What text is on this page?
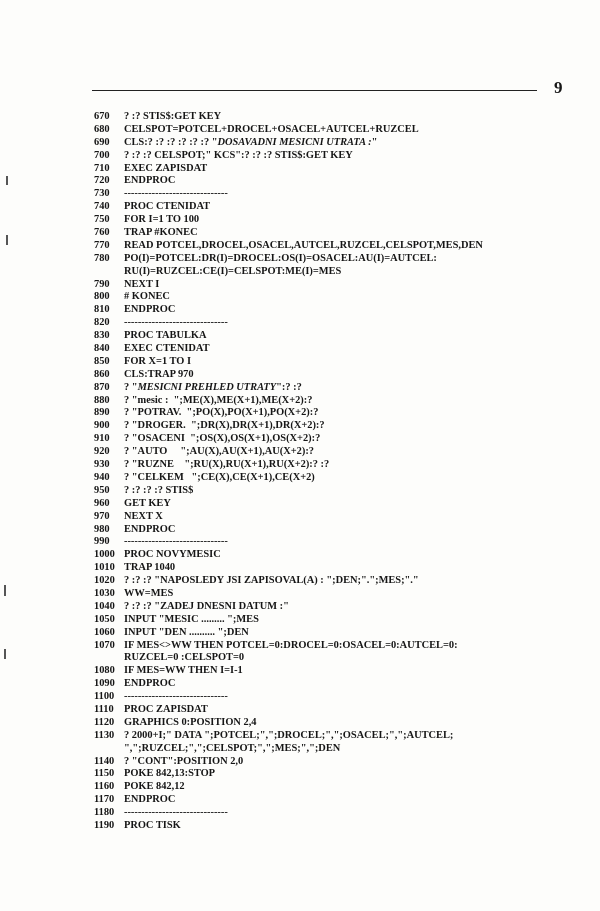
9
670 ? :? STIS$:GET KEY
680 CELSPOT=POTCEL+DROCEL+OSACEL+AUTCEL+RUZCEL
690 CLS:? :? :? :? :? :? "DOSAVADNI MESICNI UTRATA :"
700 ? :? :? CELSPOT;" KCS":? :? :? STIS$:GET KEY
710 EXEC ZAPISDAT
720 ENDPROC
730 ------------------------------
740 PROC CTENIDAT
750 FOR I=1 TO 100
760 TRAP #KONEC
770 READ POTCEL,DROCEL,OSACEL,AUTCEL,RUZCEL,CELSPOT,MES,DEN
780 PO(I)=POTCEL:DR(I)=DROCEL:OS(I)=OSACEL:AU(I)=AUTCEL:
RU(I)=RUZCEL:CE(I)=CELSPOT:ME(I)=MES
790 NEXT I
800 # KONEC
810 ENDPROC
820 ------------------------------
830 PROC TABULKA
840 EXEC CTENIDAT
850 FOR X=1 TO I
860 CLS:TRAP 970
870 ? "MESICNI PREHLED UTRATY":? :?
880 ? "mesic :  ";ME(X),ME(X+1),ME(X+2):?
890 ? "POTRAV.  ";PO(X),PO(X+1),PO(X+2):?
900 ? "DROGER.  ";DR(X),DR(X+1),DR(X+2):?
910 ? "OSACENI  ";OS(X),OS(X+1),OS(X+2):?
920 ? "AUTO     ";AU(X),AU(X+1),AU(X+2):?
930 ? "RUZNE    ";RU(X),RU(X+1),RU(X+2):? :?
940 ? "CELKEM   ";CE(X),CE(X+1),CE(X+2)
950 ? :? :? :? STIS$
960 GET KEY
970 NEXT X
980 ENDPROC
990 ------------------------------
1000 PROC NOVYMESIC
1010 TRAP 1040
1020 ? :? :? "NAPOSLEDY JSI ZAPISOVAL(A) : ";DEN;".";MES;"."
1030 WW=MES
1040 ? :? :? "ZADEJ DNESNI DATUM :"
1050 INPUT "MESIC ......... ";MES
1060 INPUT "DEN .......... ";DEN
1070 IF MES<>WW THEN POTCEL=0:DROCEL=0:OSACEL=0:AUTCEL=0:
RUZCEL=0 :CELSPOT=0
1080 IF MES=WW THEN I=I-1
1090 ENDPROC
1100 ------------------------------
1110 PROC ZAPISDAT
1120 GRAPHICS 0:POSITION 2,4
1130 ? 2000+I;" DATA ";POTCEL;",";DROCEL;",";OSACEL;",";AUTCEL;
",";RUZCEL;",";CELSPOT;",";MES;",";DEN
1140 ? "CONT":POSITION 2,0
1150 POKE 842,13:STOP
1160 POKE 842,12
1170 ENDPROC
1180 ------------------------------
1190 PROC TISK
